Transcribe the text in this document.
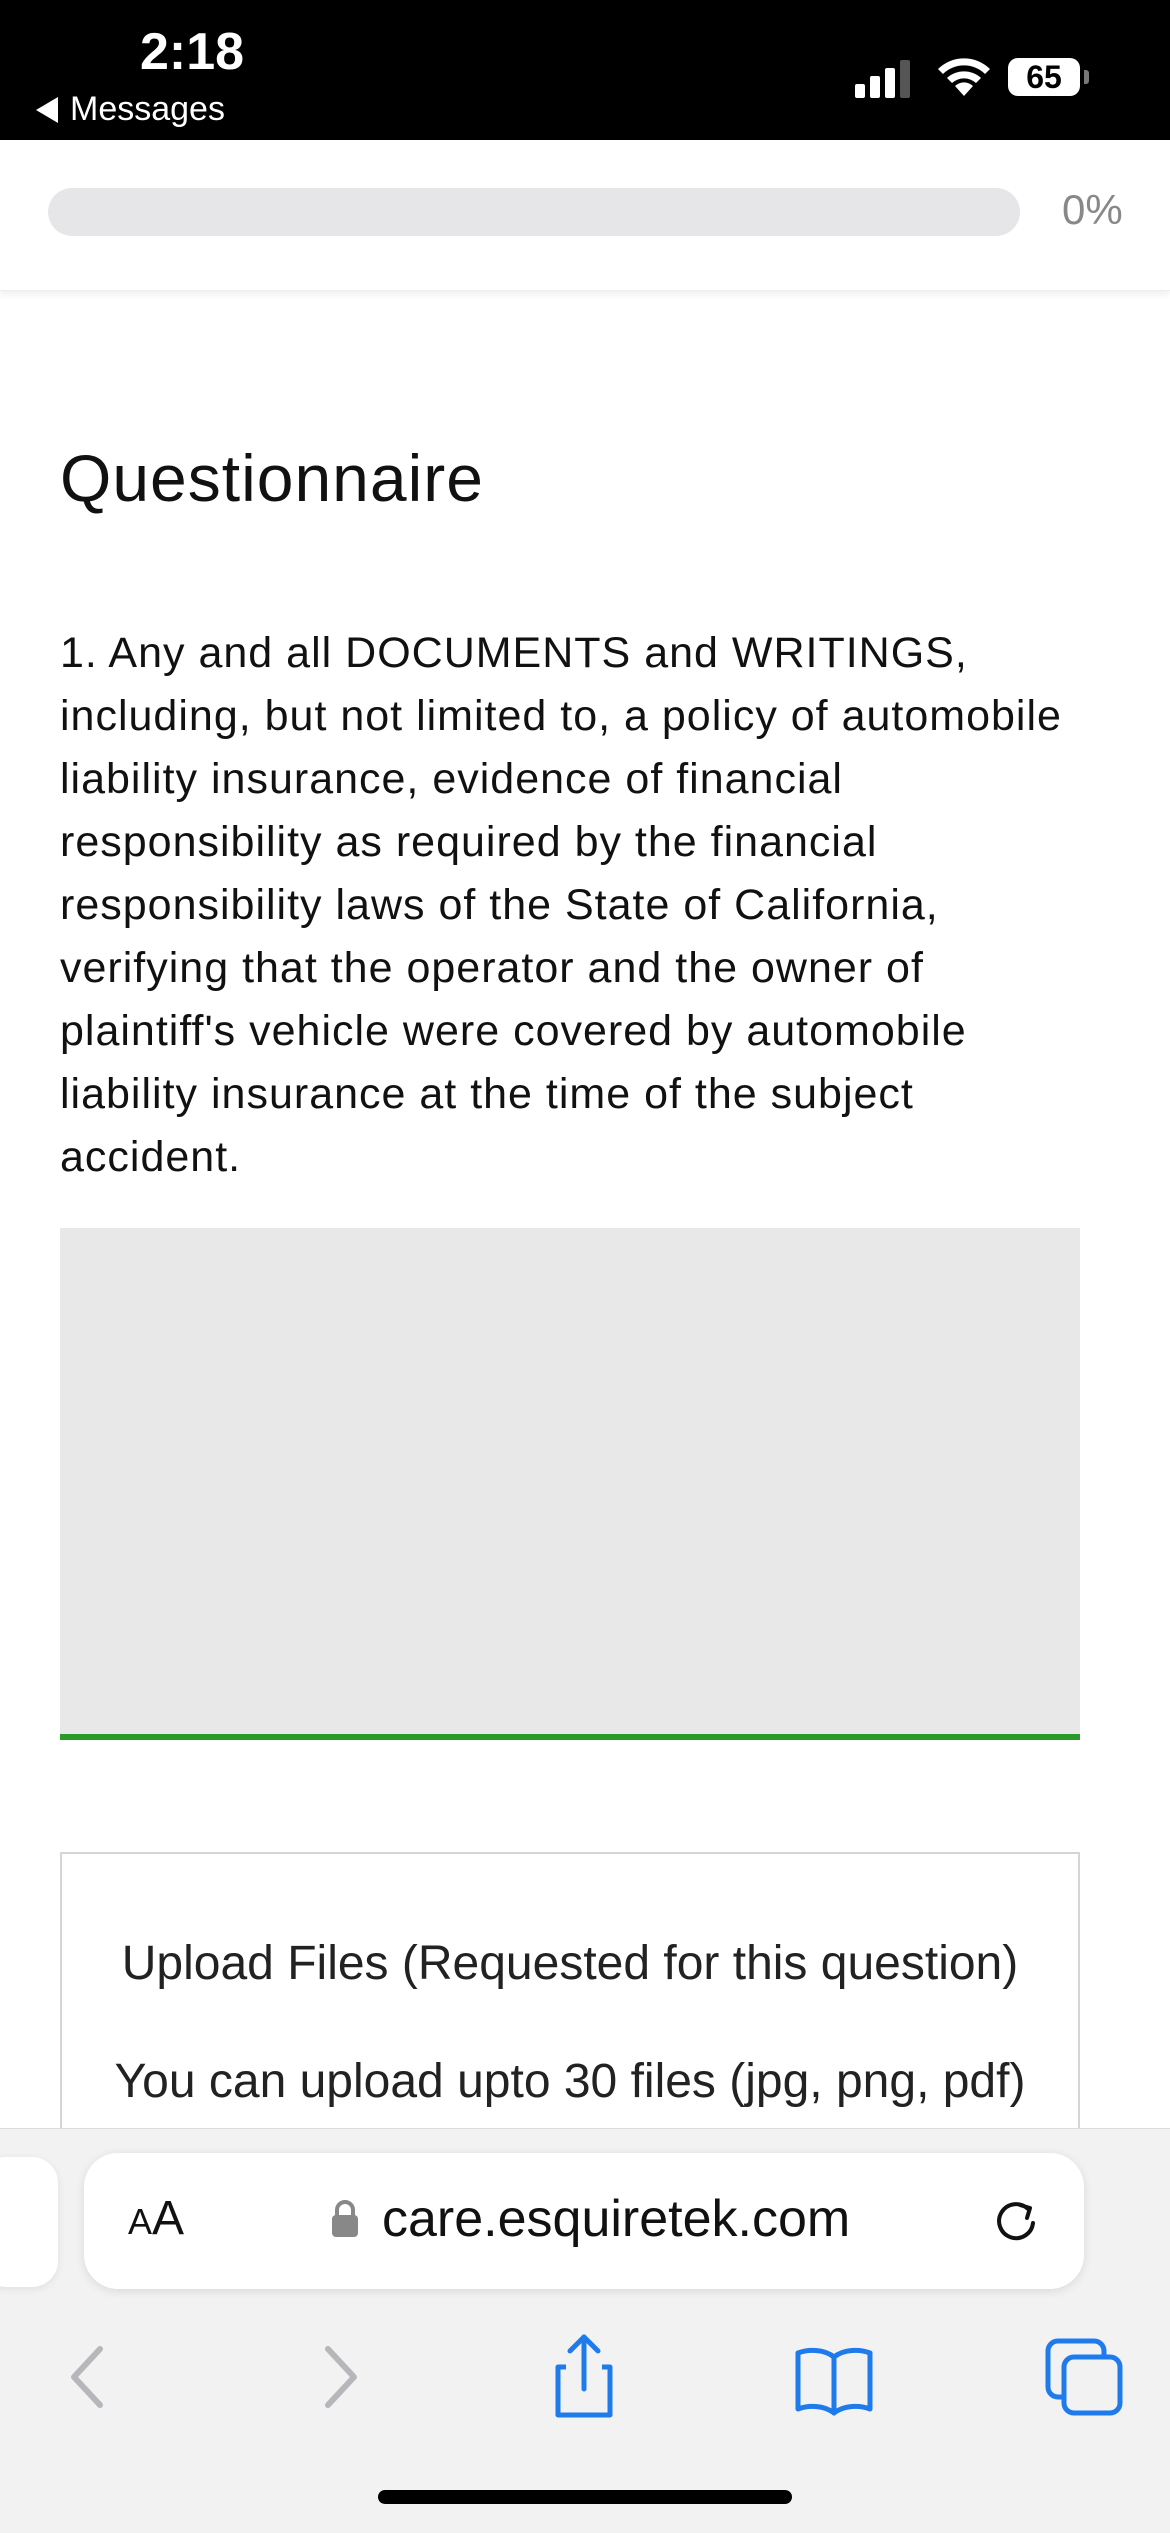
2:18
Messages
65
0%
Questionnaire

1. Any and all DOCUMENTS and WRITINGS, including, but not limited to, a policy of automobile liability insurance, evidence of financial responsibility as required by the financial responsibility laws of the State of California, verifying that the operator and the owner of plaintiff's vehicle were covered by automobile liability insurance at the time of the subject accident.

Upload Files (Requested for this question)
You can upload upto 30 files (jpg, png, pdf)
AA	care.esquiretek.com
